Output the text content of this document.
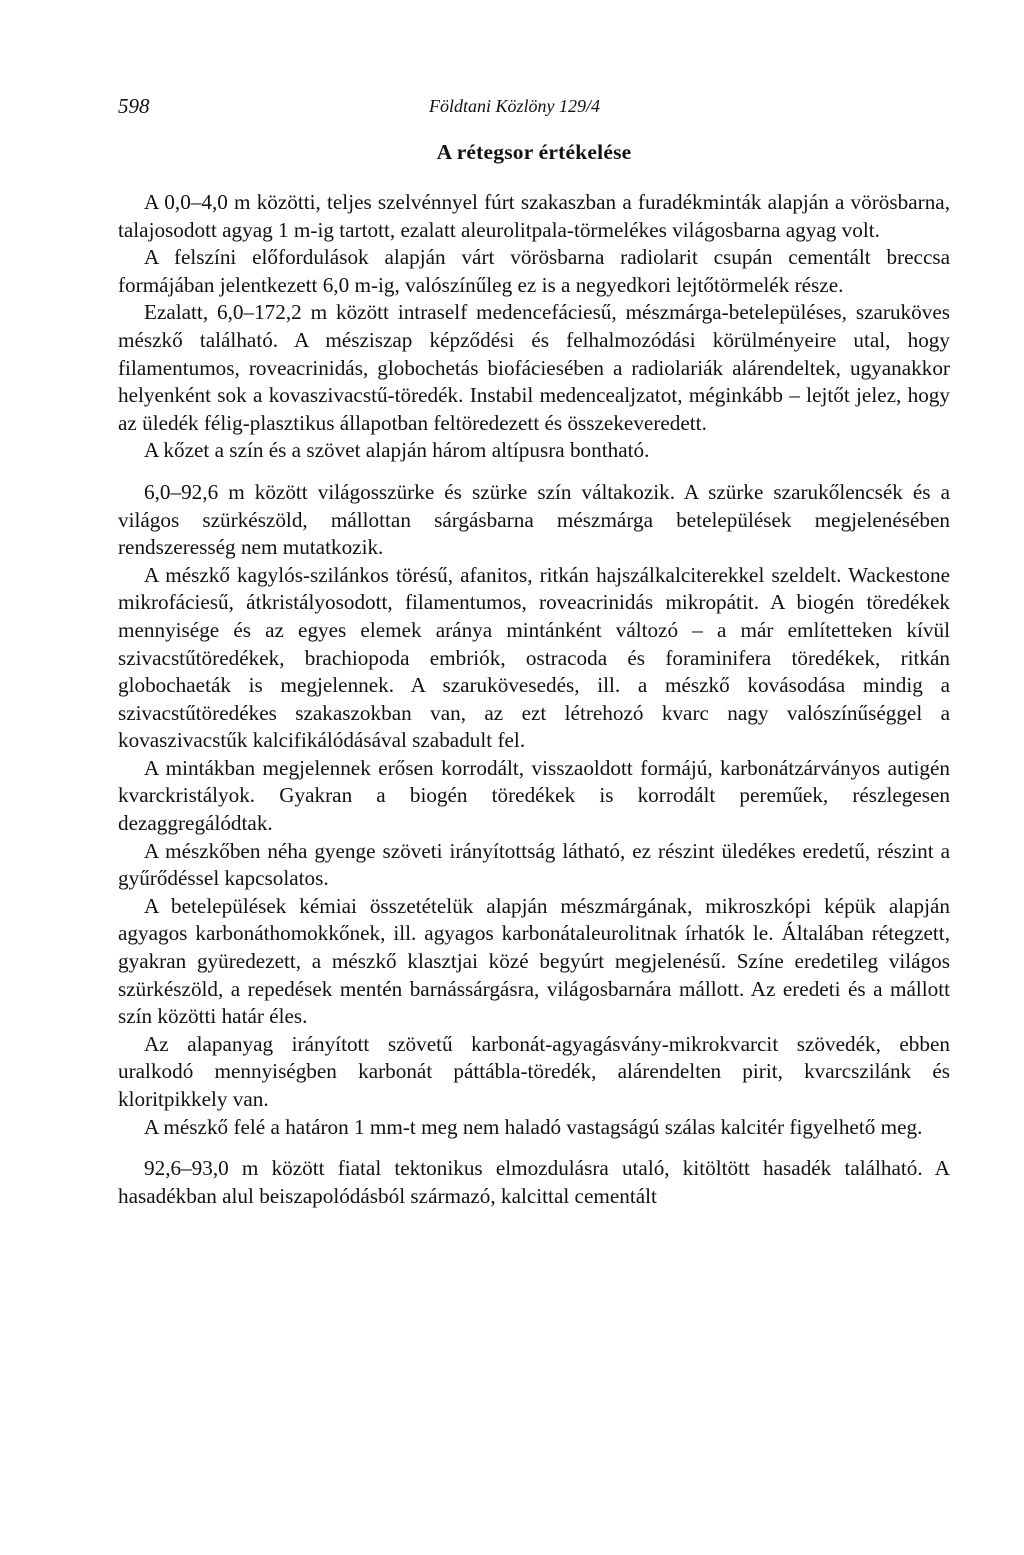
598	Földtani Közlöny 129/4
A rétegsor értékelése

A 0,0–4,0 m közötti, teljes szelvénnyel fúrt szakaszban a furadékminták alapján a vörösbarna, talajosodott agyag 1 m-ig tartott, ezalatt aleurolitpala-törmelékes világosbarna agyag volt.

A felszíni előfordulások alapján várt vörösbarna radiolarit csupán cementált breccsa formájában jelentkezett 6,0 m-ig, valószínűleg ez is a negyedkori lejtőtörmelék része.

Ezalatt, 6,0–172,2 m között intraself medencefáciesű, mészmárga-betelepüléses, szaruköves mészkő található. A mésziszap képződési és felhalmozódási körülményeire utal, hogy filamentumos, roveacrinidás, globochetás biofáciesében a radiolariák alárendeltek, ugyanakkor helyenként sok a kovaszivacstű-töredék. Instabil medencealjzatot, méginkább – lejtőt jelez, hogy az üledék félig-plasztikus állapotban feltöredezett és összekeveredett.

A kőzet a szín és a szövet alapján három altípusra bontható.

6,0–92,6 m között világosszürke és szürke szín váltakozik. A szürke szarukőlencsék és a világos szürkészöld, mállottan sárgásbarna mészmárga betelepülések megjelenésében rendszeresség nem mutatkozik.

A mészkő kagylós-szilánkos törésű, afanitos, ritkán hajszálkalciterekkel szeldelt. Wackestone mikrofáciesű, átkristályosodott, filamentumos, roveacrinidás mikropátit. A biogén töredékek mennyisége és az egyes elemek aránya mintánként változó – a már említetteken kívül szivacstűtöredékek, brachiopoda embriók, ostracoda és foraminifera töredékek, ritkán globochaeták is megjelennek. A szarukövesedés, ill. a mészkő kovásodása mindig a szivacstűtöredékes szakaszokban van, az ezt létrehozó kvarc nagy valószínűséggel a kovaszivacstűk kalcifikálódásával szabadult fel.

A mintákban megjelennek erősen korrodált, visszaoldott formájú, karbonátzárványos autigén kvarckristályok. Gyakran a biogén töredékek is korrodált pereműek, részlegesen dezaggregálódtak.

A mészkőben néha gyenge szöveti irányítottság látható, ez részint üledékes eredetű, részint a gyűrődéssel kapcsolatos.

A betelepülések kémiai összetételük alapján mészmárgának, mikroszkópi képük alapján agyagos karbonáthomokkőnek, ill. agyagos karbonátaleurolitnak írhatók le. Általában rétegzett, gyakran gyüredezett, a mészkő klasztjai közé begyúrt megjelenésű. Színe eredetileg világos szürkészöld, a repedések mentén barnássárgásra, világosbarnára mállott. Az eredeti és a mállott szín közötti határ éles.

Az alapanyag irányított szövetű karbonát-agyagásvány-mikrokvarcit szövedék, ebben uralkodó mennyiségben karbonát páttábla-töredék, alárendelten pirit, kvarcszilánk és kloritpikkely van.

A mészkő felé a határon 1 mm-t meg nem haladó vastagságú szálas kalcitér figyelhető meg.

92,6–93,0 m között fiatal tektonikus elmozdulásra utaló, kitöltött hasadék található. A hasadékban alul beiszapolódásból származó, kalcittal cementált
